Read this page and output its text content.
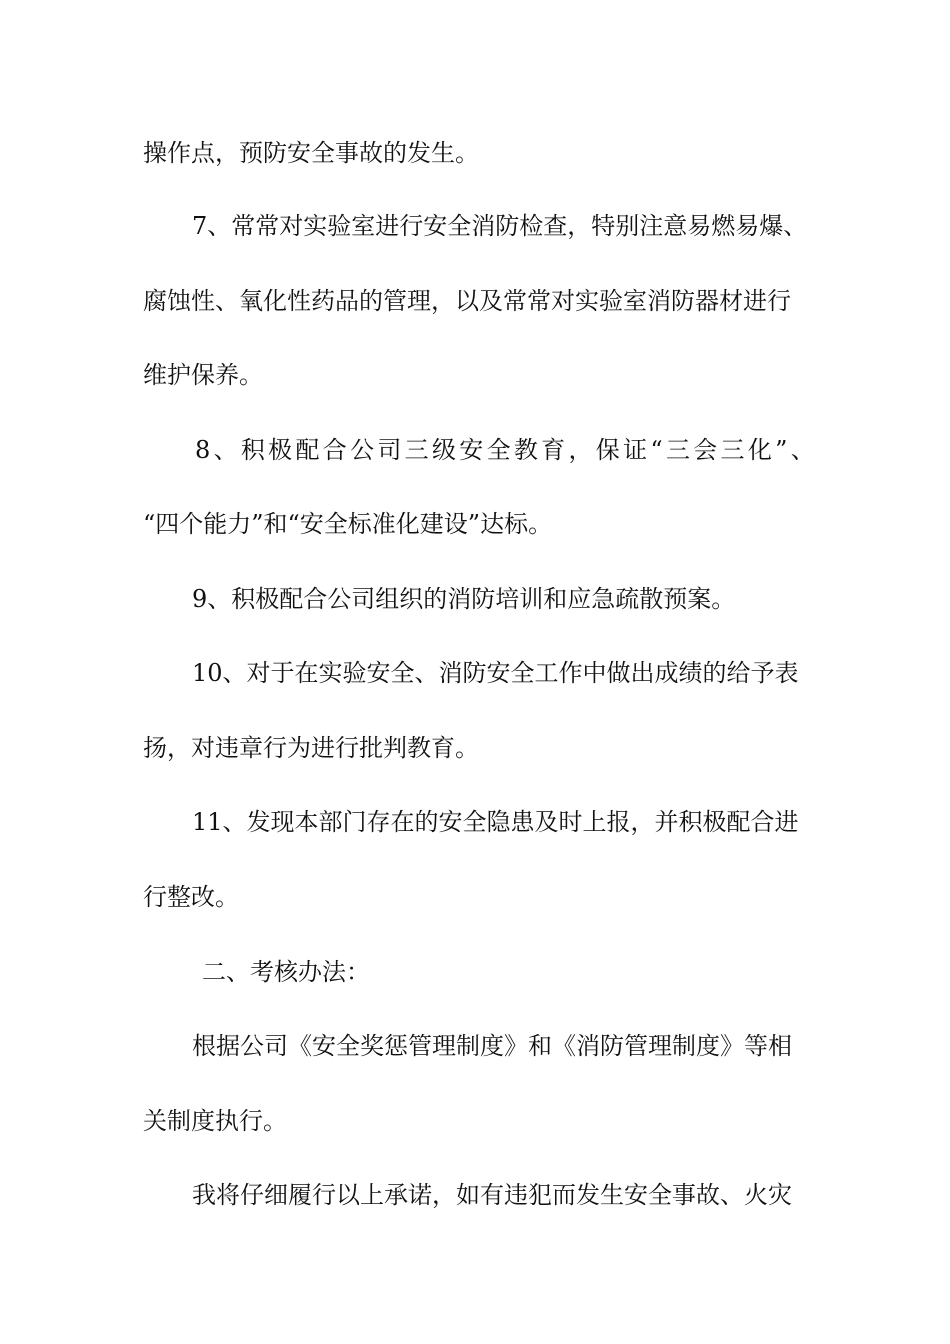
操作点，预防安全事故的发生。

7、常常对实验室进行安全消防检查，特别注意易燃易爆、

腐蚀性、氧化性药品的管理，以及常常对实验室消防器材进行

维护保养。

8、积极配合公司三级安全教育，保证“三会三化”、

“四个能力”和“安全标准化建设”达标。

9、积极配合公司组织的消防培训和应急疏散预案。

10、对于在实验安全、消防安全工作中做出成绩的给予表

扬，对违章行为进行批判教育。

11、发现本部门存在的安全隐患及时上报，并积极配合进

行整改。

二、考核办法：

根据公司《安全奖惩管理制度》和《消防管理制度》等相

关制度执行。

我将仔细履行以上承诺，如有违犯而发生安全事故、火灾
